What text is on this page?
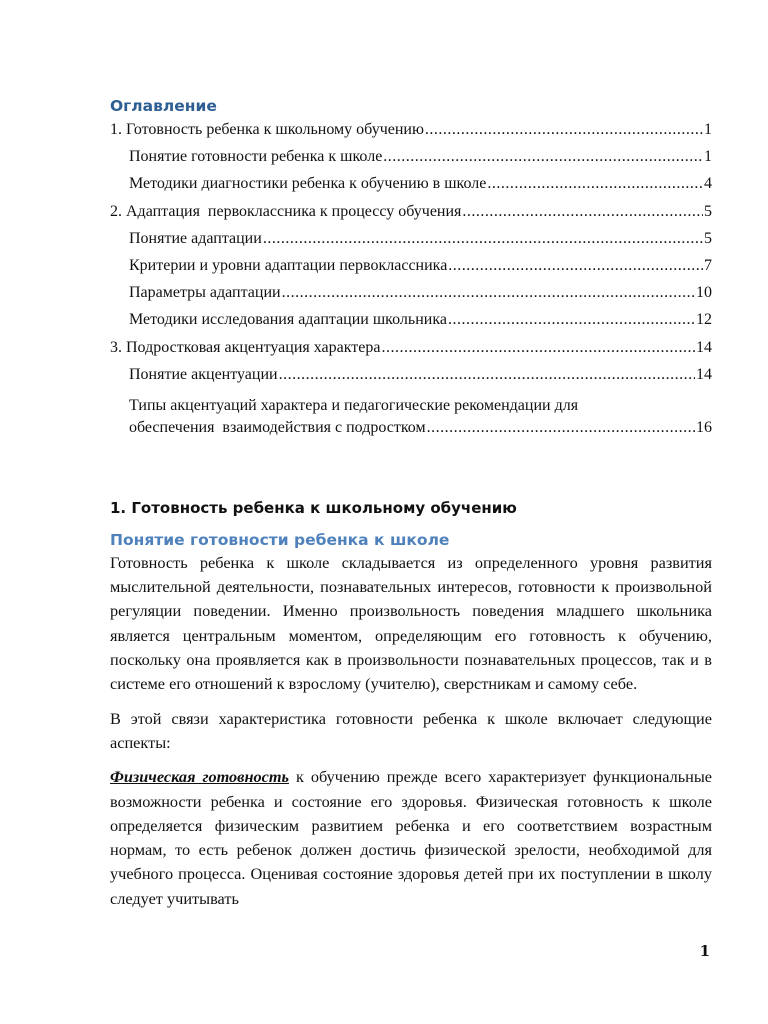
Оглавление
1. Готовность ребенка к школьному обучению .....	1
Понятие готовности ребенка к школе .....	1
Методики диагностики ребенка к обучению в школе .....	4
2. Адаптация  первоклассника к процессу обучения .....	5
Понятие адаптации .....	5
Критерии и уровни адаптации первоклассника .....	7
Параметры адаптации .....	10
Методики исследования адаптации школьника .....	12
3. Подростковая акцентуация характера .....	14
Понятие акцентуации .....	14
Типы акцентуаций характера и педагогические рекомендации для
обеспечения  взаимодействия с подростком .....	16
1. Готовность ребенка к школьному обучению
Понятие готовности ребенка к школе

Готовность ребенка к школе складывается из определенного уровня развития мыслительной деятельности, познавательных интересов, готовности к произвольной регуляции поведении. Именно произвольность поведения младшего школьника является центральным моментом, определяющим его готовность к обучению, поскольку она проявляется как в произвольности познавательных процессов, так и в системе его отношений к взрослому (учителю), сверстникам и самому себе.

В этой связи характеристика готовности ребенка к школе включает следующие аспекты:

Физическая готовность к обучению прежде всего характеризует функциональные возможности ребенка и состояние его здоровья. Физическая готовность к школе определяется физическим развитием ребенка и его соответствием возрастным нормам, то есть ребенок должен достичь физической зрелости, необходимой для учебного процесса. Оценивая состояние здоровья детей при их поступлении в школу следует учитывать

1
